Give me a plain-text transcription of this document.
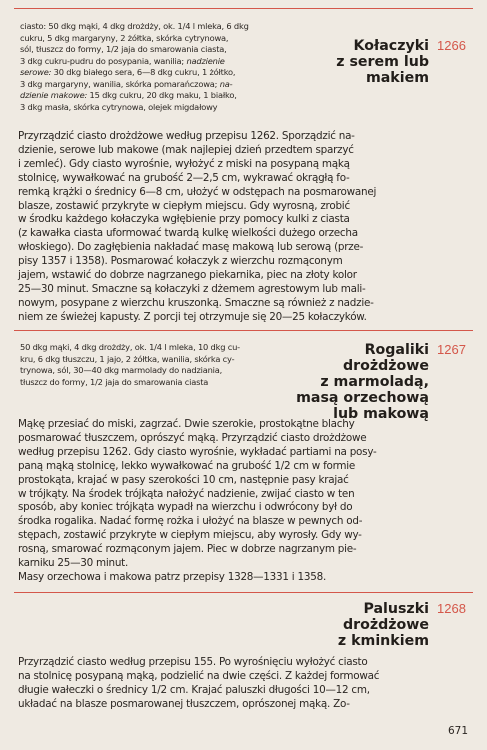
ciasto: 50 dkg mąki, 4 dkg drożdży, ok. 1/4 l mleka, 6 dkg
cukru, 5 dkg margaryny, 2 żółtka, skórka cytrynowa,
sól, tłuszcz do formy, 1/2 jaja do smarowania ciasta,
3 dkg cukru-pudru do posypania, wanilia; nadzienie
serowe: 30 dkg białego sera, 6—8 dkg cukru, 1 żółtko,
3 dkg margaryny, wanilia, skórka pomarańczowa; na-
dzienie makowe: 15 dkg cukru, 20 dkg maku, 1 białko,
3 dkg masła, skórka cytrynowa, olejek migdałowy
Kołaczyki
z serem lub
makiem
1266
Przyrządzić ciasto drożdżowe według przepisu 1262. Sporządzić na-
dzienie, serowe lub makowe (mak najlepiej dzień przedtem sparzyć
i zemleć). Gdy ciasto wyrośnie, wyłożyć z miski na posypaną mąką
stolnicę, wywałkować na grubość 2—2,5 cm, wykrawać okrągłą fo-
remką krążki o średnicy 6—8 cm, ułożyć w odstępach na posmarowanej
blasze, zostawić przykryte w ciepłym miejscu. Gdy wyrosną, zrobić
w środku każdego kołaczyka wgłębienie przy pomocy kulki z ciasta
(z kawałka ciasta uformować twardą kulkę wielkości dużego orzecha
włoskiego). Do zagłębienia nakładać masę makową lub serową (prze-
pisy 1357 i 1358). Posmarować kołaczyk z wierzchu rozmąconym
jajem, wstawić do dobrze nagrzanego piekarnika, piec na złoty kolor
25—30 minut. Smaczne są kołaczyki z dżemem agrestowym lub mali-
nowym, posypane z wierzchu kruszonką. Smaczne są również z nadzie-
niem ze świeżej kapusty. Z porcji tej otrzymuje się 20—25 kołaczyków.
50 dkg mąki, 4 dkg drożdży, ok. 1/4 l mleka, 10 dkg cu-
kru, 6 dkg tłuszczu, 1 jajo, 2 żółtka, wanilia, skórka cy-
trynowa, sól, 30—40 dkg marmolady do nadziania,
tłuszcz do formy, 1/2 jaja do smarowania ciasta
Rogaliki
drożdżowe
z marmoladą,
masą orzechową
lub makową
1267
Mąkę przesiać do miski, zagrzać. Dwie szerokie, prostokątne blachy
posmarować tłuszczem, oprószyć mąką. Przyrządzić ciasto drożdżowe
według przepisu 1262. Gdy ciasto wyrośnie, wykładać partiami na posy-
paną mąką stolnicę, lekko wywałkować na grubość 1/2 cm w formie
prostokąta, krajać w pasy szerokości 10 cm, następnie pasy krajać
w trójkąty. Na środek trójkąta nałożyć nadzienie, zwijać ciasto w ten
sposób, aby koniec trójkąta wypadł na wierzchu i odwrócony był do
środka rogalika. Nadać formę rożka i ułożyć na blasze w pewnych od-
stępach, zostawić przykryte w ciepłym miejscu, aby wyrosły. Gdy wy-
rosną, smarować rozmąconym jajem. Piec w dobrze nagrzanym pie-
karniku 25—30 minut.
Masy orzechowa i makowa patrz przepisy 1328—1331 i 1358.
Paluszki
drożdżowe
z kminkiem
1268
Przyrządzić ciasto według przepisu 155. Po wyrośnięciu wyłożyć ciasto
na stolnicę posypaną mąką, podzielić na dwie części. Z każdej formować
długie wałeczki o średnicy 1/2 cm. Krajać paluszki długości 10—12 cm,
układać na blasze posmarowanej tłuszczem, oprószonej mąką. Zo-
671
